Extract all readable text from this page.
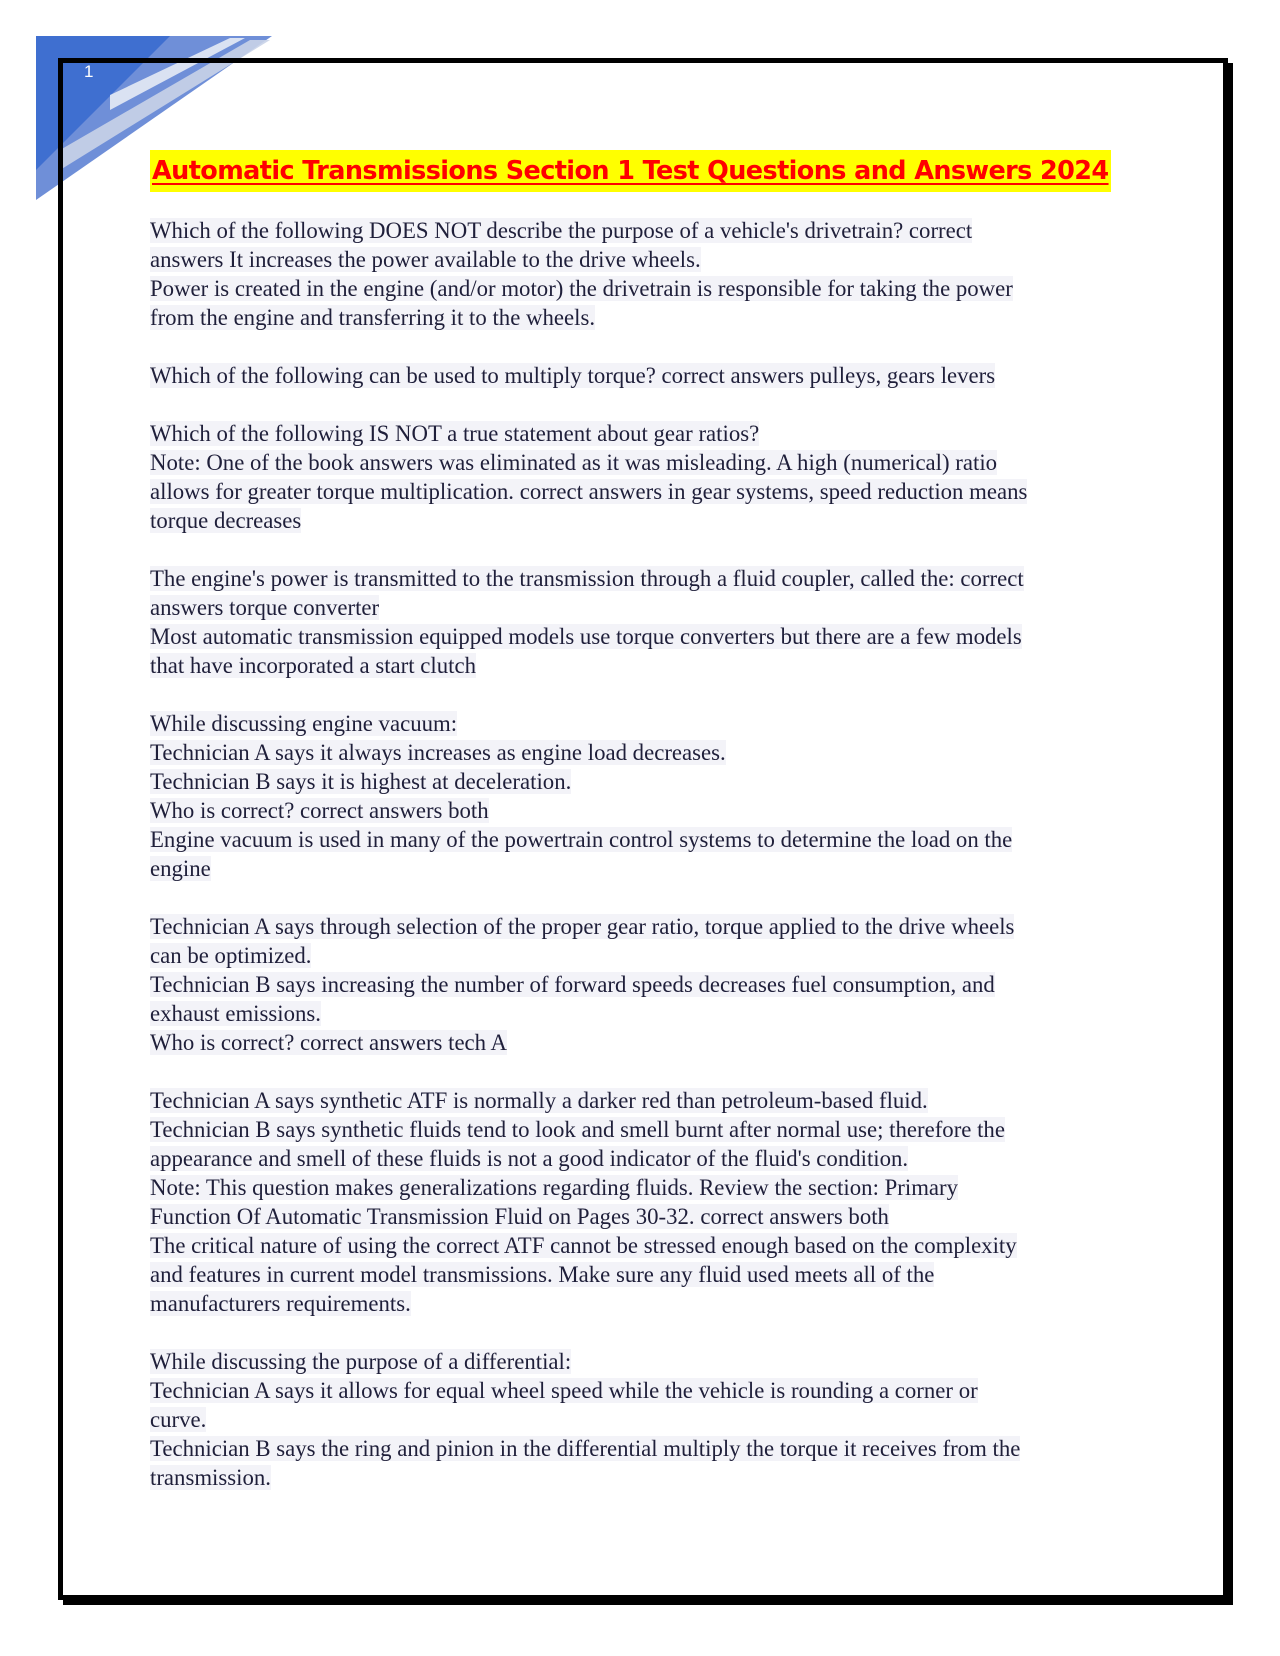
1
Automatic Transmissions Section 1 Test Questions and Answers 2024
Which of the following DOES NOT describe the purpose of a vehicle's drivetrain? correct
answers It increases the power available to the drive wheels.
Power is created in the engine (and/or motor) the drivetrain is responsible for taking the power
from the engine and transferring it to the wheels.
Which of the following can be used to multiply torque? correct answers pulleys, gears levers
Which of the following IS NOT a true statement about gear ratios?
Note: One of the book answers was eliminated as it was misleading. A high (numerical) ratio
allows for greater torque multiplication. correct answers in gear systems, speed reduction means
torque decreases
The engine's power is transmitted to the transmission through a fluid coupler, called the: correct
answers torque converter
Most automatic transmission equipped models use torque converters but there are a few models
that have incorporated a start clutch
While discussing engine vacuum:
Technician A says it always increases as engine load decreases.
Technician B says it is highest at deceleration.
Who is correct? correct answers both
Engine vacuum is used in many of the powertrain control systems to determine the load on the
engine
Technician A says through selection of the proper gear ratio, torque applied to the drive wheels
can be optimized.
Technician B says increasing the number of forward speeds decreases fuel consumption, and
exhaust emissions.
Who is correct? correct answers tech A
Technician A says synthetic ATF is normally a darker red than petroleum-based fluid.
Technician B says synthetic fluids tend to look and smell burnt after normal use; therefore the
appearance and smell of these fluids is not a good indicator of the fluid's condition.
Note: This question makes generalizations regarding fluids. Review the section: Primary
Function Of Automatic Transmission Fluid on Pages 30-32. correct answers both
The critical nature of using the correct ATF cannot be stressed enough based on the complexity
and features in current model transmissions. Make sure any fluid used meets all of the
manufacturers requirements.
While discussing the purpose of a differential:
Technician A says it allows for equal wheel speed while the vehicle is rounding a corner or
curve.
Technician B says the ring and pinion in the differential multiply the torque it receives from the
transmission.
